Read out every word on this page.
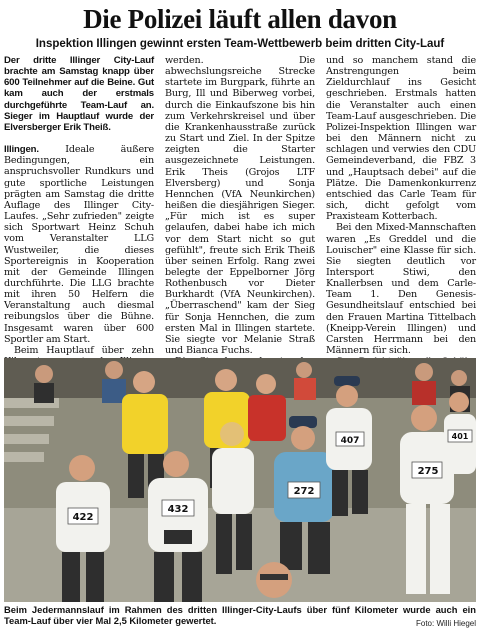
Die Polizei läuft allen davon
Inspektion Illingen gewinnt ersten Team-Wettbewerb beim dritten City-Lauf

Der dritte Illinger City-Lauf brachte am Samstag knapp über 600 Teilnehmer auf die Beine. Gut kam auch der erstmals durchgeführte Team-Lauf an. Sieger im Hauptlauf wurde der Elversberger Erik Theiß.

Illingen.	Ideale äußere Bedingungen, ein anspruchsvoller Rundkurs und gute sportliche Leistungen prägten am Samstag die dritte Auflage des Illinger City-Laufes. „Sehr zufrieden" zeigte sich Sportwart Heinz Schuh vom Veranstalter LLG Wustweiler, die dieses Sportereignis in Kooperation mit der Gemeinde Illingen durchführte. Die LLG brachte mit ihren 50 Helfern die Veranstaltung auch diesmal reibungslos über die Bühne. Insgesamt waren über 600 Sportler am Start.

Beim Hauptlauf über zehn

werden. Die abwechslungsreiche Strecke startete im Burgpark, führte an Burg, Ill und Biberweg vorbei, durch die Einkaufszone bis hin zum Verkehrskreisel und über die Krankenhausstraße zurück zu Start und Ziel. In der Spitze zeigten die Starter ausgezeichnete Leistungen. Erik Theis (Grojos LTF Elversberg) und Sonja Hennchen (VfA Neunkirchen) heißen die diesjährigen Sieger. „Für mich ist es super gelaufen, dabei habe ich mich vor dem Start nicht so gut gefühlt", freute sich Erik Theiß über seinen Erfolg. Rang zwei belegte der Eppelborner Jörg Rothenbusch vor Dieter Burkhardt (VfA Neunkirchen). „Überraschend" kam der Sieg für Sonja Hennchen, die zum ersten Mal in Illingen startete. Sie siegte vor Melanie Straß und Bianca Fuchs.

und so manchem stand die Anstrengungen beim Zieldurchlauf ins Gesicht geschrieben. Erstmals hatten die Veranstalter auch einen Team-Lauf ausgeschrieben. Die Polizei-Inspektion Illingen war bei den Männern nicht zu schlagen und verwies den CDU Gemeindeverband, die FBZ 3 und „Hauptsach debei" auf die Plätze. Die Damenkonkurrenz entschied das Carle Team für sich, dicht gefolgt vom Praxisteam Kotterbach.

Bei den Mixed-Mannschaften waren „Es Greddel und die Louischer" eine Klasse für sich. Sie siegten deutlich vor Intersport Stiwi, den Knallerbsen und dem Carle-Team 1. Den Genesis-Gesundheitslauf entschied bei den Frauen Martina Tittelbach (Kneipp-Verein Illingen) und Carsten Herrmann bei den Männern für sich.

422
432
272
407
275
401
Beim Jedermannslauf im Rahmen des dritten Illinger-City-Laufs über fünf Kilometer wurde auch ein Team-Lauf über vier Mal 2,5 Kilometer gewertet.	Foto: Willi Hiegel
